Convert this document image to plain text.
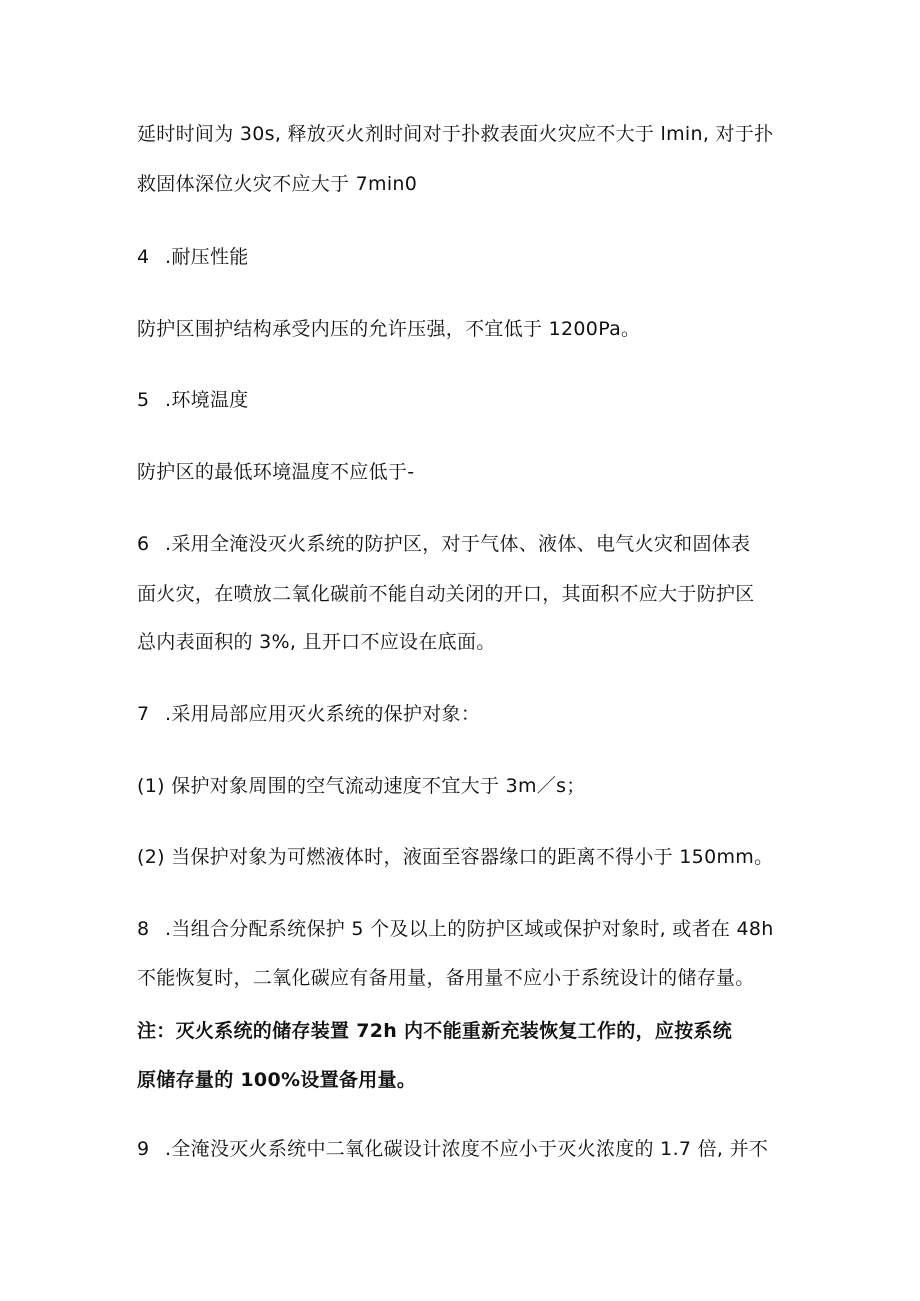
延时时间为 30s, 释放灭火剂时间对于扑救表面火灾应不大于 lmin, 对于扑
救固体深位火灾不应大于 7min0
4 .耐压性能
防护区围护结构承受内压的允许压强，不宜低于 1200Pa。
5 .环境温度
防护区的最低环境温度不应低于-
6 .采用全淹没灭火系统的防护区，对于气体、液体、电气火灾和固体表
面火灾，在喷放二氧化碳前不能自动关闭的开口，其面积不应大于防护区
总内表面积的 3%, 且开口不应设在底面。
7 .采用局部应用灭火系统的保护对象：
(1) 保护对象周围的空气流动速度不宜大于 3m／s；
(2) 当保护对象为可燃液体时，液面至容器缘口的距离不得小于 150mm。
8 .当组合分配系统保护 5 个及以上的防护区域或保护对象时, 或者在 48h
不能恢复时，二氧化碳应有备用量，备用量不应小于系统设计的储存量。
注：灭火系统的储存装置 72h 内不能重新充装恢复工作的，应按系统
原储存量的 100%设置备用量。
9 .全淹没灭火系统中二氧化碳设计浓度不应小于灭火浓度的 1.7 倍, 并不
